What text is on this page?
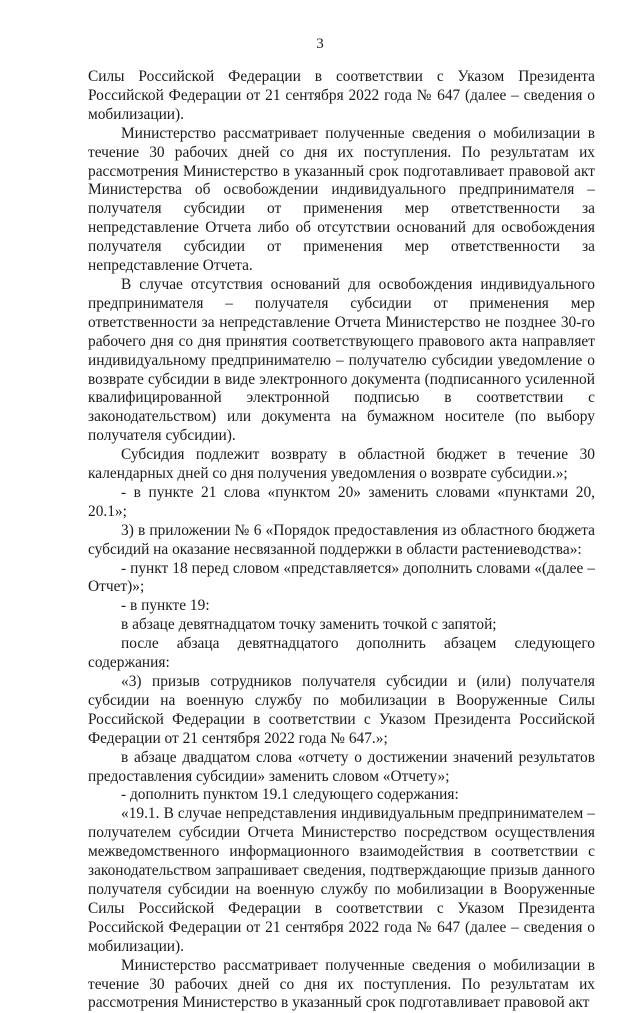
3

Силы Российской Федерации в соответствии с Указом Президента Российской Федерации от 21 сентября 2022 года № 647 (далее – сведения о мобилизации).

Министерство рассматривает полученные сведения о мобилизации в течение 30 рабочих дней со дня их поступления. По результатам их рассмотрения Министерство в указанный срок подготавливает правовой акт Министерства об освобождении индивидуального предпринимателя – получателя субсидии от применения мер ответственности за непредставление Отчета либо об отсутствии оснований для освобождения получателя субсидии от применения мер ответственности за непредставление Отчета.

В случае отсутствия оснований для освобождения индивидуального предпринимателя – получателя субсидии от применения мер ответственности за непредставление Отчета Министерство не позднее 30-го рабочего дня со дня принятия соответствующего правового акта направляет индивидуальному предпринимателю – получателю субсидии уведомление о возврате субсидии в виде электронного документа (подписанного усиленной квалифицированной электронной подписью в соответствии с законодательством) или документа на бумажном носителе (по выбору получателя субсидии).

Субсидия подлежит возврату в областной бюджет в течение 30 календарных дней со дня получения уведомления о возврате субсидии.»;

- в пункте 21 слова «пунктом 20» заменить словами «пунктами 20, 20.1»;

3) в приложении № 6 «Порядок предоставления из областного бюджета субсидий на оказание несвязанной поддержки в области растениеводства»:

- пункт 18 перед словом «представляется» дополнить словами «(далее – Отчет)»;

- в пункте 19:

в абзаце девятнадцатом точку заменить точкой с запятой;

после абзаца девятнадцатого дополнить абзацем следующего содержания:

«3) призыв сотрудников получателя субсидии и (или) получателя субсидии на военную службу по мобилизации в Вооруженные Силы Российской Федерации в соответствии с Указом Президента Российской Федерации от 21 сентября 2022 года № 647.»;

в абзаце двадцатом слова «отчету о достижении значений результатов предоставления субсидии» заменить словом «Отчету»;

- дополнить пунктом 19.1 следующего содержания:

«19.1. В случае непредставления индивидуальным предпринимателем – получателем субсидии Отчета Министерство посредством осуществления межведомственного информационного взаимодействия в соответствии с законодательством запрашивает сведения, подтверждающие призыв данного получателя субсидии на военную службу по мобилизации в Вооруженные Силы Российской Федерации в соответствии с Указом Президента Российской Федерации от 21 сентября 2022 года № 647 (далее – сведения о мобилизации).

Министерство рассматривает полученные сведения о мобилизации в течение 30 рабочих дней со дня их поступления. По результатам их рассмотрения Министерство в указанный срок подготавливает правовой акт
